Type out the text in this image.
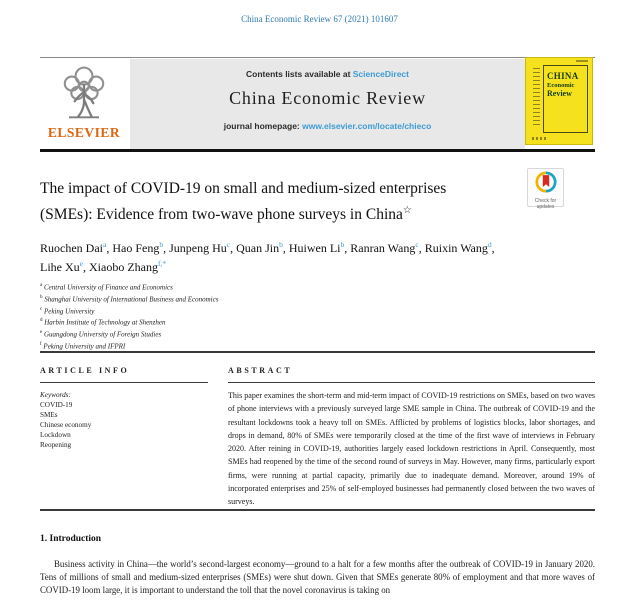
China Economic Review 67 (2021) 101607
ELSEVIER
Contents lists available at ScienceDirect
China Economic Review
journal homepage: www.elsevier.com/locate/chieco
CHINA
Economic
Review
Check for
updates
The impact of COVID-19 on small and medium-sized enterprises
(SMEs): Evidence from two-wave phone surveys in China☆
Ruochen Dai$^a$ , Hao Feng$^b$ , Junpeng Hu$^c$ , Quan Jin$^b$ , Huiwen Li$^b$ , Ranran Wang$^c$ , Ruixin Wang$^d$ , Lihe Xu$^e$ , Xiaobo Zhang$^{f,*}$
$^a$ Central University of Finance and Economics
$^b$ Shanghai University of International Business and Economics
$^c$ Peking University
$^d$ Harbin Institute of Technology at Shenzhen
$^e$ Guangdong University of Foreign Studies
$^f$ Peking University and IFPRI
ARTICLE INFO
Keywords:
COVID-19
SMEs
Chinese economy
Lockdown
Reopening
ABSTRACT
This paper examines the short-term and mid-term impact of COVID-19 restrictions on SMEs, based on two waves of phone interviews with a previously surveyed large SME sample in China. The outbreak of COVID-19 and the resultant lockdowns took a heavy toll on SMEs. Afflicted by problems of logistics blocks, labor shortages, and drops in demand, 80% of SMEs were temporarily closed at the time of the first wave of interviews in February 2020. After reining in COVID-19, authorities largely eased lockdown restrictions in April. Consequently, most SMEs had reopened by the time of the second round of surveys in May. However, many firms, particularly export firms, were running at partial capacity, primarily due to inadequate demand. Moreover, around 19% of incorporated enterprises and 25% of self-employed businesses had permanently closed between the two waves of surveys.
1. Introduction

Business activity in China—the world’s second-largest economy—ground to a halt for a few months after the outbreak of COVID-19 in January 2020. Tens of millions of small and medium-sized enterprises (SMEs) were shut down. Given that SMEs generate 80% of employment and that more waves of COVID-19 loom large, it is important to understand the toll that the novel coronavirus is taking on
